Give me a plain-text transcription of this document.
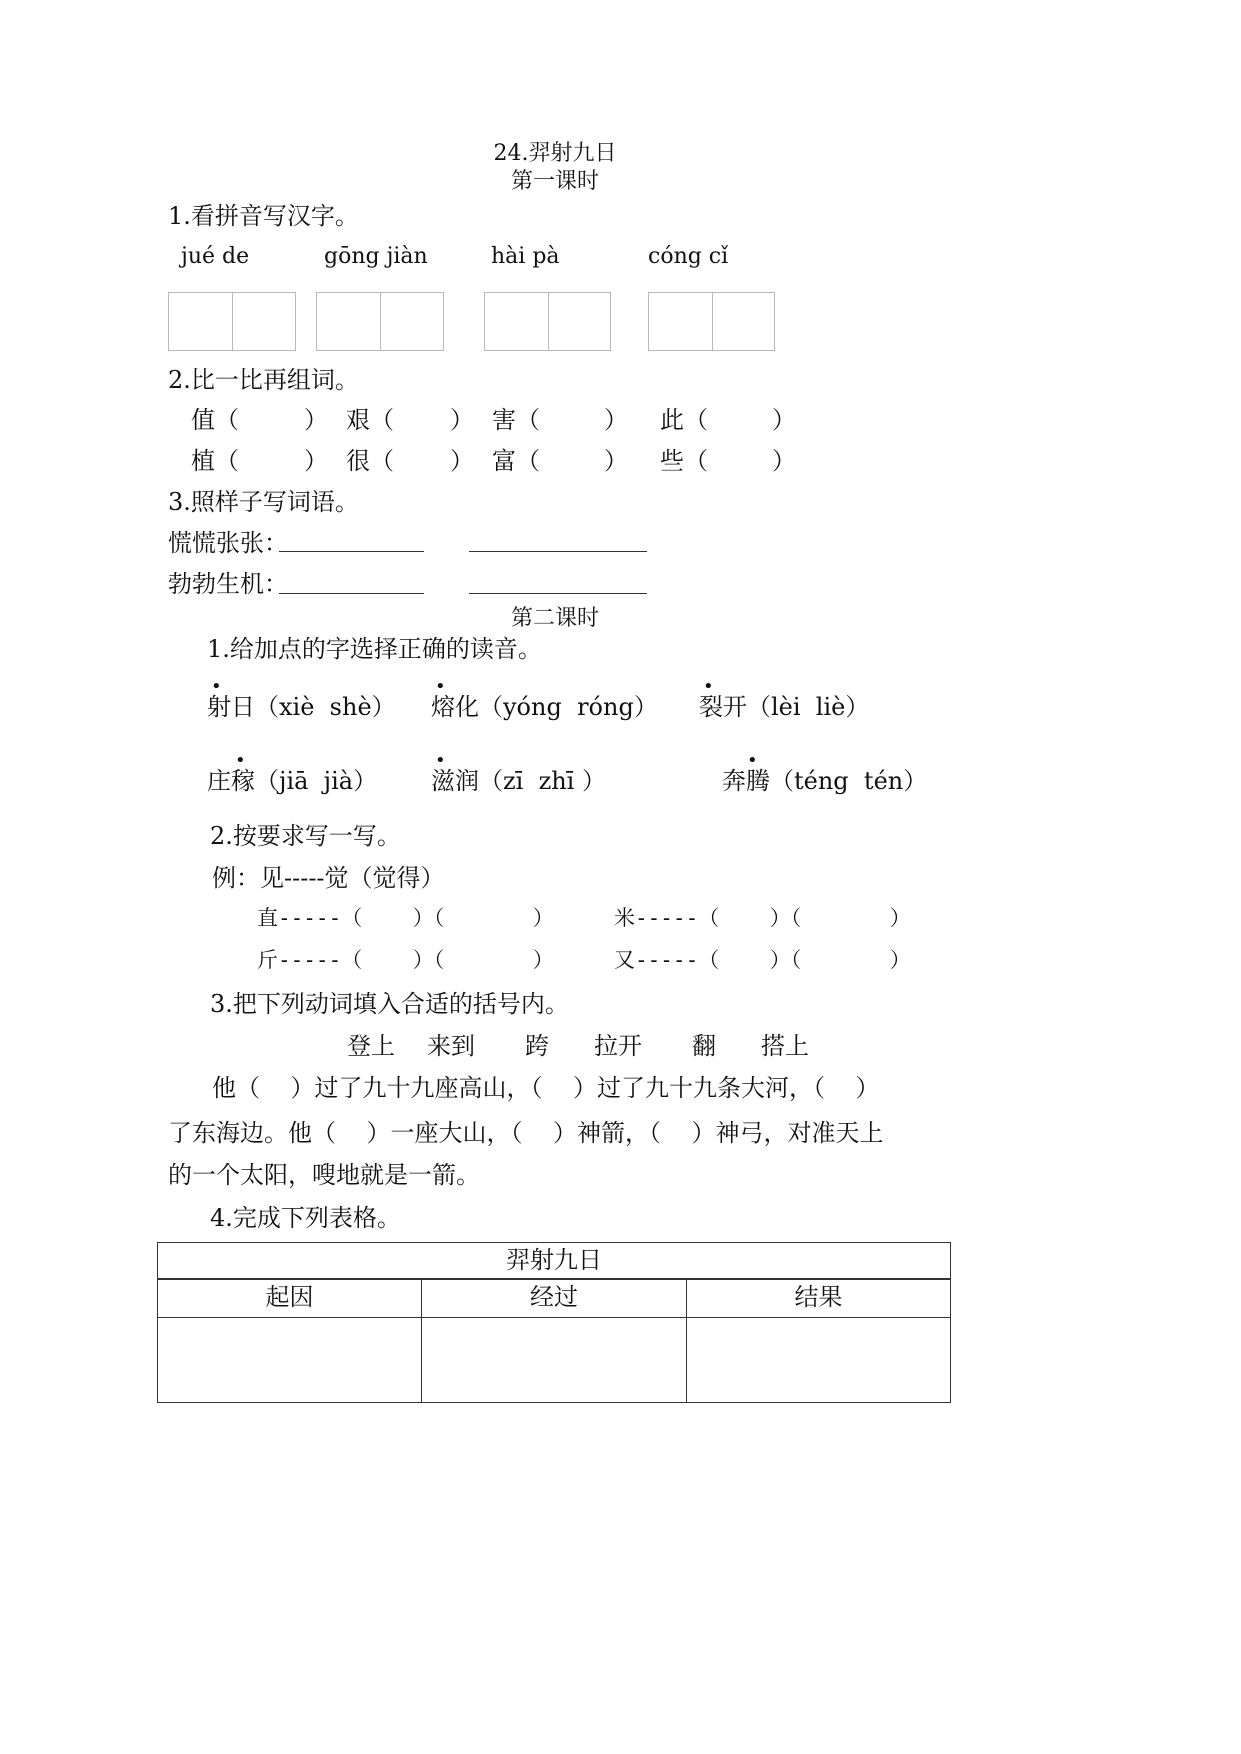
24.羿射九日
第一课时
1.看拼音写汉字。
jué de	gōng jiàn	hài pà	cóng cǐ
2.比一比再组词。
值（	） 艰（ ） 害（	） 此（	）
植（	） 很（ ） 富（	） 些（	）
3.照样子写词语。
慌慌张张：
勃勃生机：
第二课时
1.给加点的字选择正确的读音。
•	•	•
射日（xiè  shè） 熔化（yóng  róng） 裂开（lèi  liè）
•	•	•
庄稼（jiā  jià） 滋润（zī  zhī ）	奔腾（téng  tén）
2.按要求写一写。
例：见-----觉（觉得）
直-----（    ）（       ）	米-----（    ）（       ）
斤-----（    ）（       ）	又-----（    ）（       ）
3.把下列动词填入合适的括号内。
登上 来到 跨 拉开 翻 搭上
他（    ）过了九十九座高山，（    ）过了九十九条大河，（    ）
了东海边。他（    ）一座大山，（    ）神箭，（    ）神弓，对准天上
的一个太阳，嗖地就是一箭。
4.完成下列表格。
羿射九日
起因	经过	结果
